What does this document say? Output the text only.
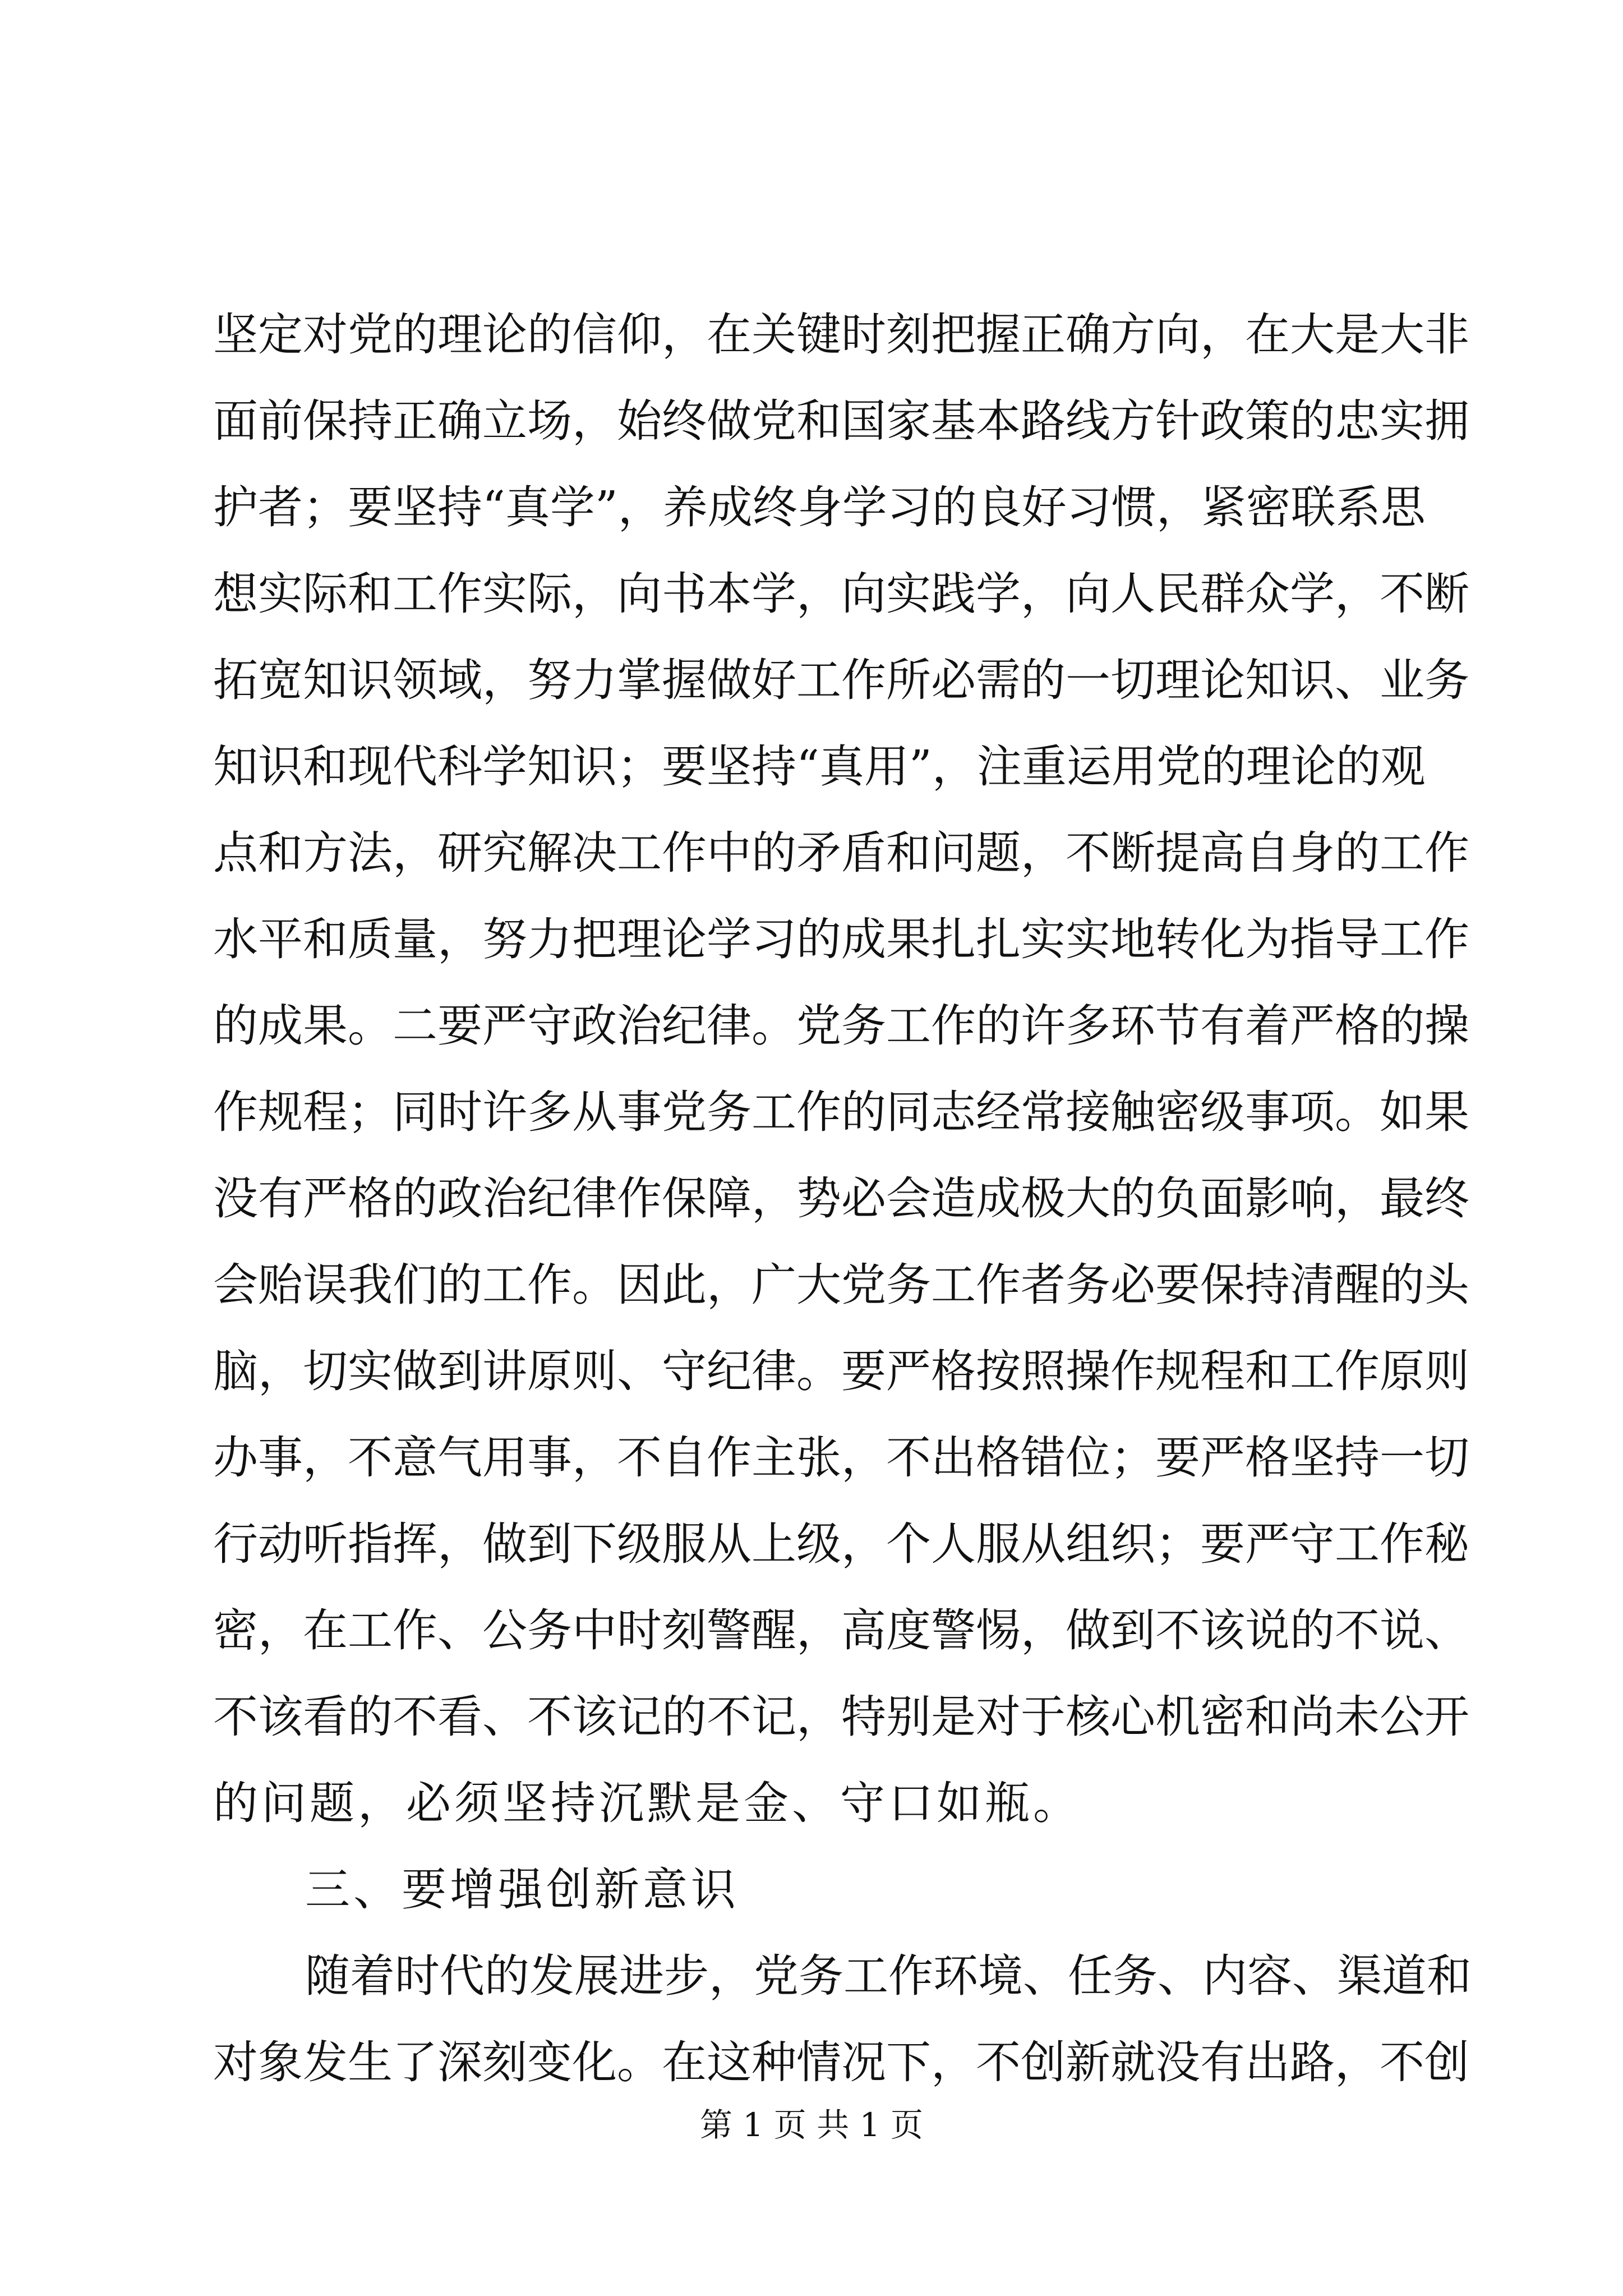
坚定对党的理论的信仰，在关键时刻把握正确方向，在大是大非
面前保持正确立场，始终做党和国家基本路线方针政策的忠实拥
护者；要坚持“真学”，养成终身学习的良好习惯，紧密联系思
想实际和工作实际，向书本学，向实践学，向人民群众学，不断
拓宽知识领域，努力掌握做好工作所必需的一切理论知识、业务
知识和现代科学知识；要坚持“真用”，注重运用党的理论的观
点和方法，研究解决工作中的矛盾和问题，不断提高自身的工作
水平和质量，努力把理论学习的成果扎扎实实地转化为指导工作
的成果。二要严守政治纪律。党务工作的许多环节有着严格的操
作规程；同时许多从事党务工作的同志经常接触密级事项。如果
没有严格的政治纪律作保障，势必会造成极大的负面影响，最终
会贻误我们的工作。因此，广大党务工作者务必要保持清醒的头
脑，切实做到讲原则、守纪律。要严格按照操作规程和工作原则
办事，不意气用事，不自作主张，不出格错位；要严格坚持一切
行动听指挥，做到下级服从上级，个人服从组织；要严守工作秘
密，在工作、公务中时刻警醒，高度警惕，做到不该说的不说、
不该看的不看、不该记的不记，特别是对于核心机密和尚未公开
的问题，必须坚持沉默是金、守口如瓶。
三、要增强创新意识
随着时代的发展进步，党务工作环境、任务、内容、渠道和
对象发生了深刻变化。在这种情况下，不创新就没有出路，不创
第 1 页 共 1 页
